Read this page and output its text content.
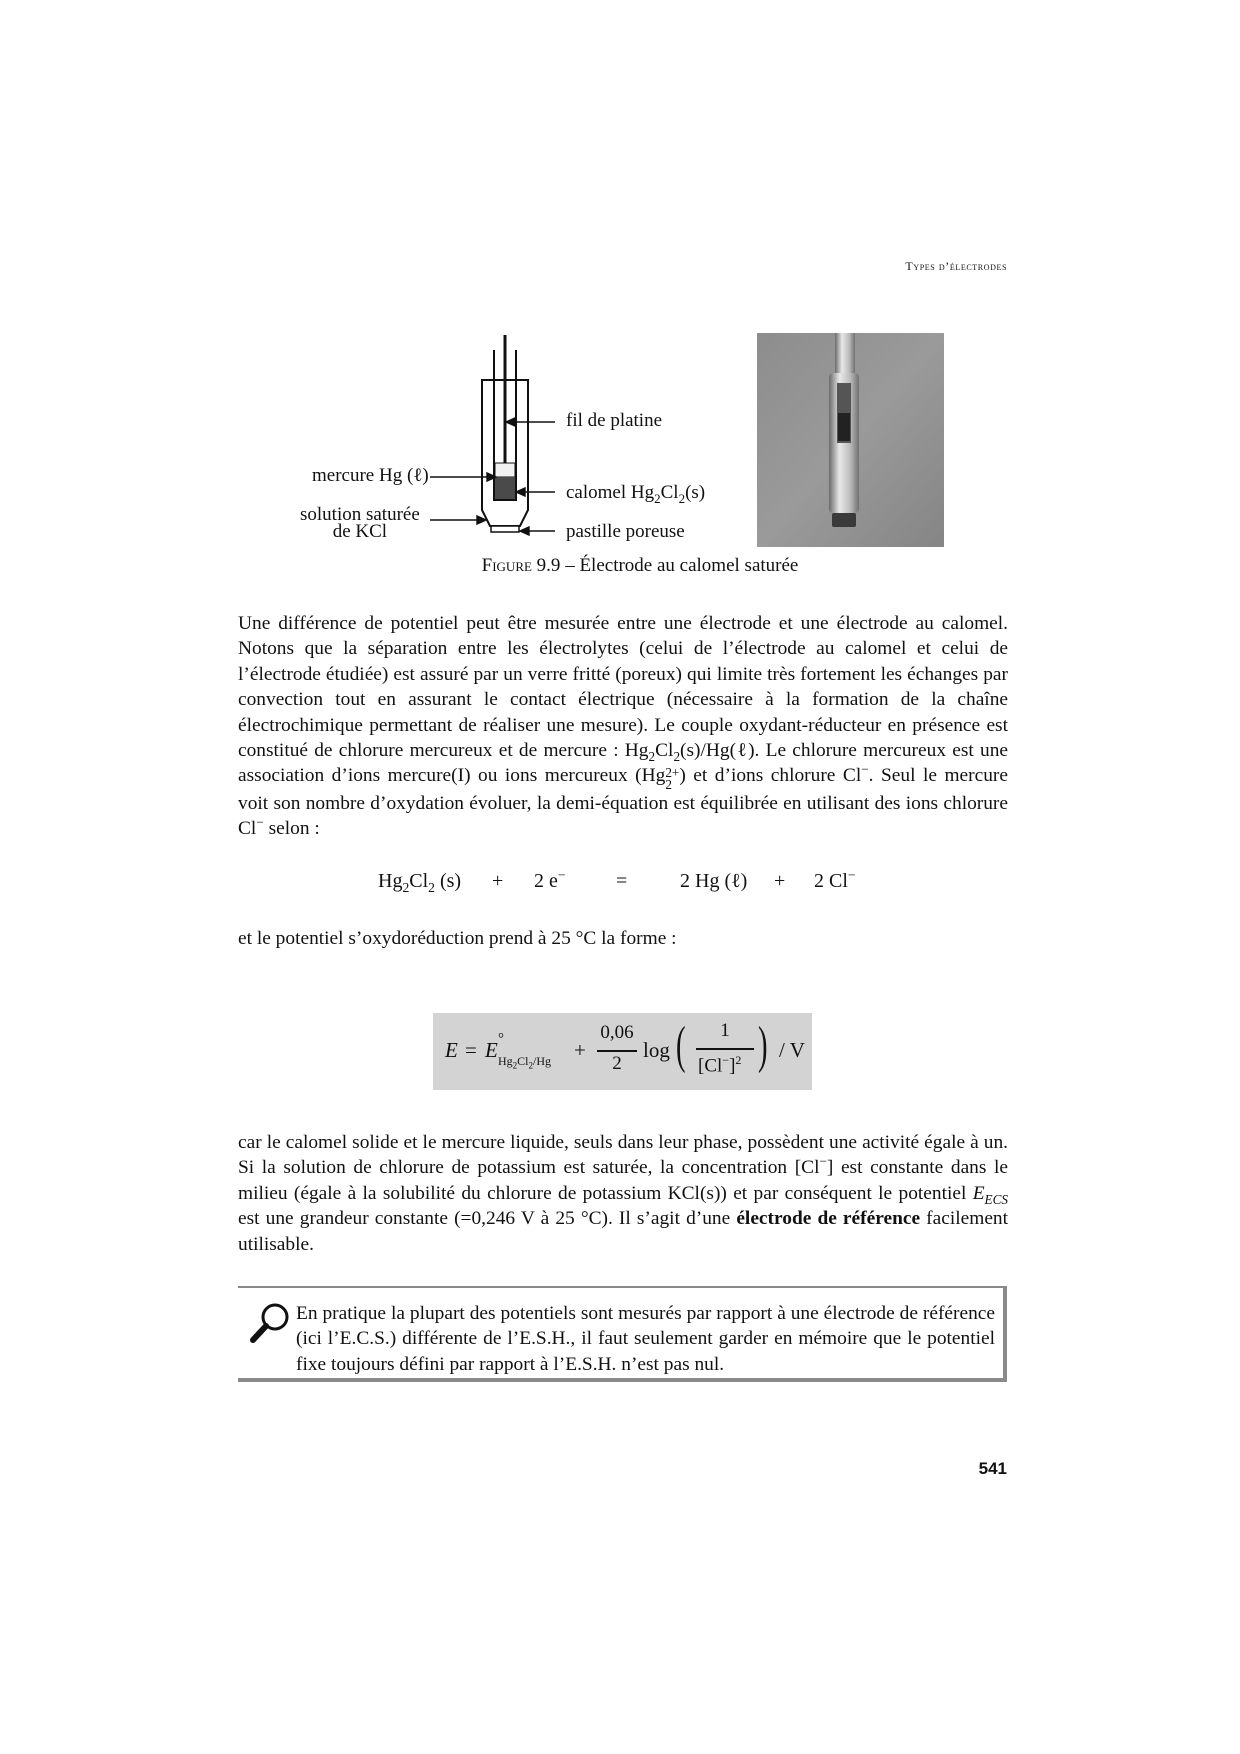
Types d’électrodes
fil de platine
mercure Hg (ℓ)
calomel $Hg_2Cl_2(s)$
solution saturée
de KCl	pastille poreuse
Figure 9.9 – Électrode au calomel saturée

Une différence de potentiel peut être mesurée entre une électrode et une électrode au calomel. Notons que la séparation entre les électrolytes (celui de l’électrode au calomel et celui de l’électrode étudiée) est assuré par un verre fritté (poreux) qui limite très fortement les échanges par convection tout en assurant le contact électrique (nécessaire à la formation de la chaîne électrochimique permettant de réaliser une mesure). Le couple oxydant-réducteur en présence est constitué de chlorure mercureux et de mercure : $Hg_2Cl_2(s)/Hg(\ell)$. Le chlorure mercureux est une association d’ions mercure(I) ou ions mercureux (Hg 2+
2 ) et d’ions chlorure Cl−. Seul le mercure voit son nombre d’oxydation évoluer, la demi-équation est équilibrée en utilisant des ions chlorure Cl− selon :

$Hg_2Cl_2$ (s) + 2 e−	=	2 Hg (ℓ) + 2 Cl−

et le potentiel s’oxydoréduction prend à 25 °C la forme :

E = E °
$Hg_2Cl_2/Hg$ +
0,06
2
log (	1
$[Cl^-]^2$ ) / V

car le calomel solide et le mercure liquide, seuls dans leur phase, possèdent une activité égale à un. Si la solution de chlorure de potassium est saturée, la concentration [Cl−] est constante dans le milieu (égale à la solubilité du chlorure de potassium KCl(s)) et par conséquent le potentiel $E_{ECS}$ est une grandeur constante (=0,246 V à 25 °C). Il s’agit d’une électrode de référence facilement utilisable.

En pratique la plupart des potentiels sont mesurés par rapport à une électrode de référence (ici l’E.C.S.) différente de l’E.S.H., il faut seulement garder en mémoire que le potentiel fixe toujours défini par rapport à l’E.S.H. n’est pas nul.

541
